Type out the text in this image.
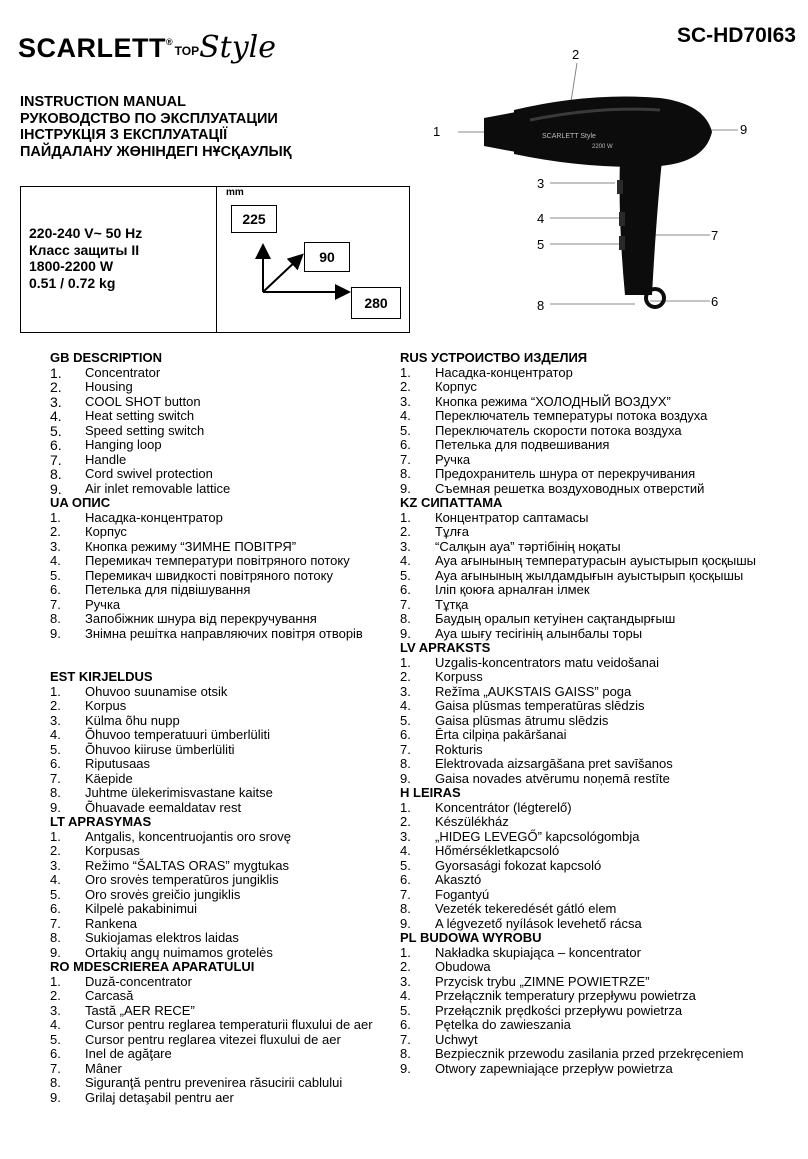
SCARLETT®TOPStyle	SC-HD70I63
INSTRUCTION MANUAL
РУКОВОДСТВО ПО ЭКСПЛУАТАЦИИ
ІНСТРУКЦІЯ З ЕКСПЛУАТАЦІЇ
ПАЙДАЛАНУ ЖӨНІНДЕГІ НҰСҚАУЛЫҚ
220-240 V~ 50 Hz
Класс защиты II
1800-2200 W
0.51 / 0.72 kg
mm
225
90
280
SCARLETT Style
2200 W
1
2
3
4
5
6
7
8
9
GB DESCRIPTION
1.	Concentrator
2.	Housing
3.	COOL SHOT button
4.	Heat setting switch
5.	Speed setting switch
6.	Hanging loop
7.	Handle
8.	Cord swivel protection
9.	Air inlet removable lattice
UA ОПИС
1.	Насадка-концентратор
2.	Корпус
3.	Кнопка режиму “ЗИМНЕ ПОВІТРЯ”
4.	Перемикач температури повітряного потоку
5.	Перемикач швидкості повітряного потоку
6.	Петелька для підвішування
7.	Ручка
8.	Запобіжник шнура від перекручування
9.	Знімна решітка направляючих повітря отворів
EST KIRJELDUS
1.	Ohuvoo suunamise otsik
2.	Korpus
3.	Külma õhu nupp
4.	Õhuvoo temperatuuri ümberlüliti
5.	Õhuvoo kiiruse ümberlüliti
6.	Riputusaas
7.	Käepide
8.	Juhtme ülekerimisvastane kaitse
9.	Õhuavade eemaldatav rest
LT APRASYMAS
1.	Antgalis, koncentruojantis oro srovę
2.	Korpusas
3.	Režimo “ŠALTAS ORAS” mygtukas
4.	Oro srovės temperatūros jungiklis
5.	Oro srovės greičio jungiklis
6.	Kilpelė pakabinimui
7.	Rankena
8.	Sukiojamas elektros laidas
9.	Ortakių angų nuimamos grotelės
RO MDESCRIEREA APARATULUI
1.	Duză-concentrator
2.	Carcasă
3.	Tastă „AER RECE”
4.	Cursor pentru reglarea temperaturii fluxului de aer
5.	Cursor pentru reglarea vitezei fluxului de aer
6.	Inel de agăţare
7.	Mâner
8.	Siguranţă pentru prevenirea răsucirii cablului
9.	Grilaj detaşabil pentru aer
RUS УСТРОИСТВО ИЗДЕЛИЯ
1.	Насадка-концентратор
2.	Корпус
3.	Кнопка режима “ХОЛОДНЫЙ ВОЗДУХ”
4.	Переключатель температуры потока воздуха
5.	Переключатель скорости потока воздуха
6.	Петелька для подвешивания
7.	Ручка
8.	Предохранитель шнура от перекручивания
9.	Съемная решетка воздуховодных отверстий
KZ СИПАТТАМА
1.	Концентратор саптамасы
2.	Тұлға
3.	“Салқын ауа” тәртібінің ноқаты
4. Ауа ағынының температурасын ауыстырып қосқышы
5.	Ауа ағынының жылдамдығын ауыстырып қосқышы
6.	Іліп қоюға арналған ілмек
7.	Тұтқа
8.	Баудың оралып кетуінен сақтандырғыш
9.	Ауа шығу тесігінің алынбалы торы
LV APRAKSTS
1.	Uzgalis-koncentrators matu veidošanai
2.	Korpuss
3.	Režīma „AUKSTAIS GAISS” poga
4.	Gaisa plūsmas temperatūras slēdzis
5.	Gaisa plūsmas ātrumu slēdzis
6.	Ērta cilpiņa pakāršanai
7.	Rokturis
8.	Elektrovada aizsargāšana pret savīšanos
9.	Gaisa novades atvērumu noņemā restīte
H LEIRAS
1.	Koncentrátor (légterelő)
2.	Készülékház
3.	„HIDEG LEVEGŐ” kapcsológombja
4.	Hőmérsékletkapcsoló
5.	Gyorsasági fokozat kapcsoló
6.	Akasztó
7.	Fogantyú
8.	Vezeték tekeredését gátló elem
9.	A légvezető nyílások levehető rácsa
PL BUDOWA WYROBU
1.	Nakładka skupiająca – koncentrator
2.	Obudowa
3.	Przycisk trybu „ZIMNE POWIETRZE”
4.	Przełącznik temperatury przepływu powietrza
5.	Przełącznik prędkości przepływu powietrza
6.	Pętelka do zawieszania
7.	Uchwyt
8.	Bezpiecznik przewodu zasilania przed przekręceniem
9.	Otwory zapewniające przepływ powietrza
